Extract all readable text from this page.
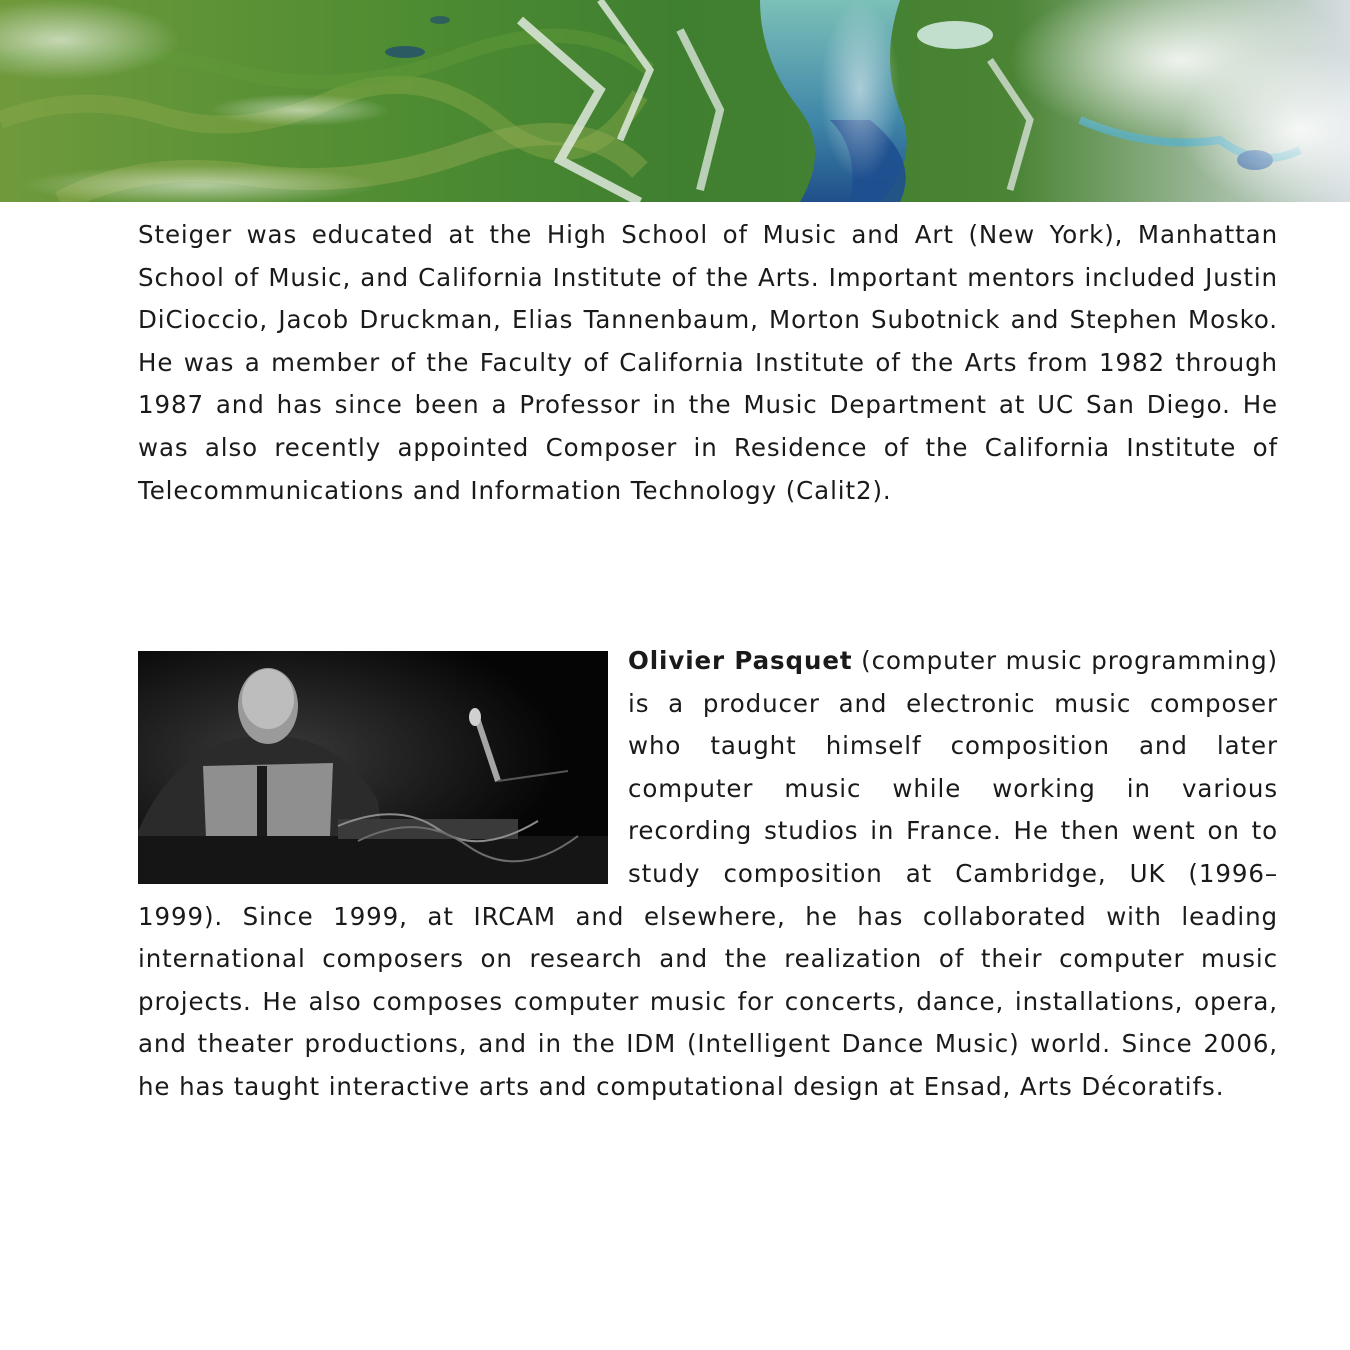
Steiger was educated at the High School of Music and Art (New York), Manhattan School of Music, and California Institute of the Arts. Important mentors included Justin DiCioccio, Jacob Druckman, Elias Tannenbaum, Morton Subotnick and Stephen Mosko. He was a member of the Faculty of California Institute of the Arts from 1982 through 1987 and has since been a Professor in the Music Department at UC San Diego. He was also recently appointed Composer in Residence of the California Institute of Telecommunications and Information Technology (Calit2).

Olivier Pasquet (computer music programming) is a producer and electronic music composer who taught himself composition and later computer music while working in various recording studios in France. He then went on to study composition at Cambridge, UK (1996–1999). Since 1999, at IRCAM and elsewhere, he has collaborated with leading international composers on research and the realization of their computer music projects. He also composes computer music for concerts, dance, installations, opera, and theater productions, and in the IDM (Intelligent Dance Music) world. Since 2006, he has taught interactive arts and computational design at Ensad, Arts Décoratifs.
